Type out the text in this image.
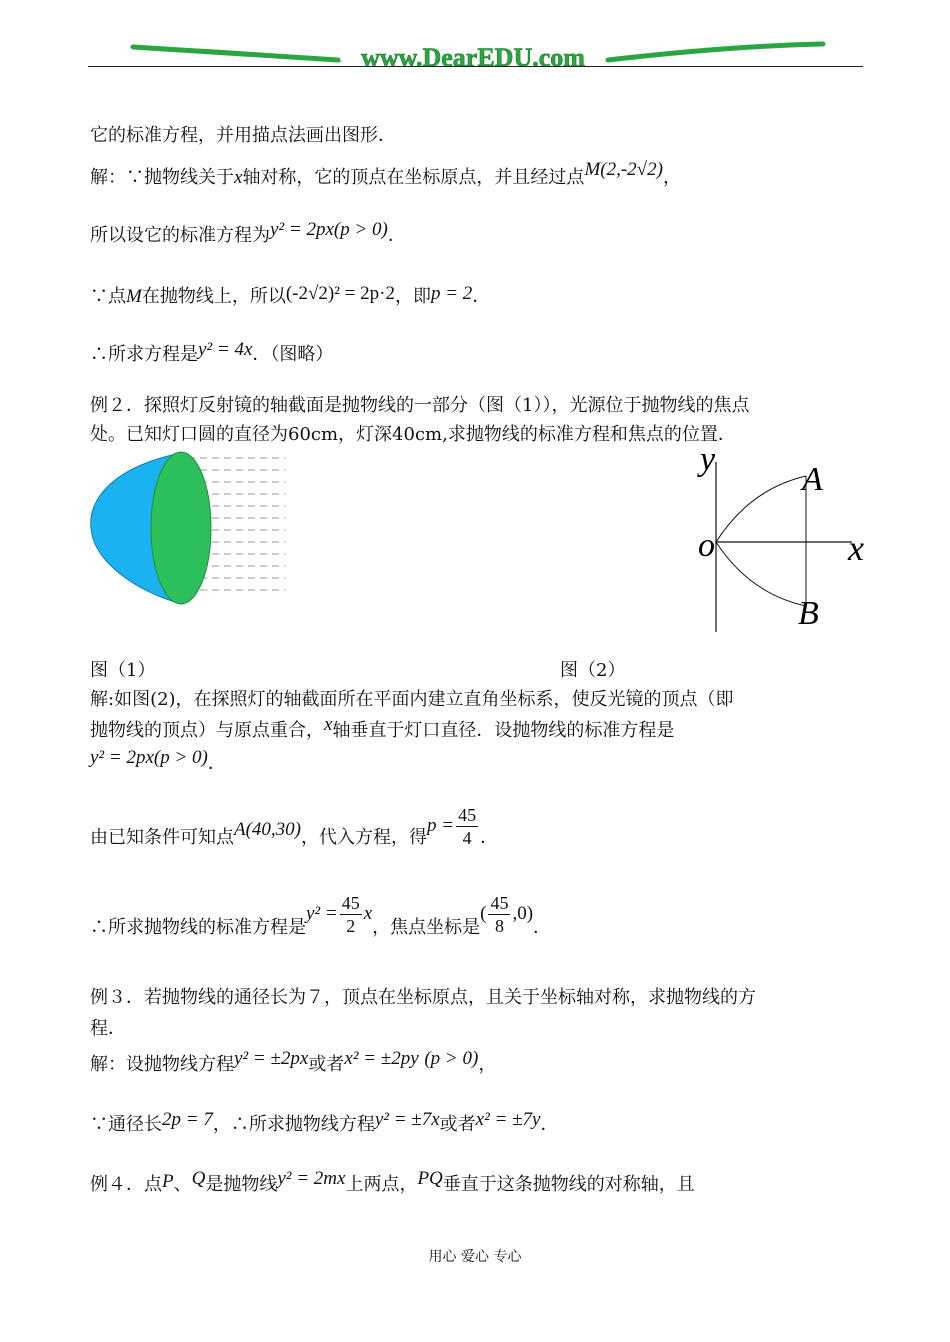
www.DearEDU.com
它的标准方程，并用描点法画出图形．
解：∵抛物线关于x轴对称，它的顶点在坐标原点，并且经过点M(2,-2√2)，
所以设它的标准方程为y² = 2px(p > 0)．
∵点M在抛物线上，所以(-2√2)² = 2p·2，即p = 2．
∴所求方程是y² = 4x．（图略）
例２．探照灯反射镜的轴截面是抛物线的一部分（图（1）），光源位于抛物线的焦点
处。已知灯口圆的直径为60cm，灯深40cm,求抛物线的标准方程和焦点的位置．
y
x
o
A
B
图（1）	图（2）
解:如图(2)，在探照灯的轴截面所在平面内建立直角坐标系，使反光镜的顶点（即
抛物线的顶点）与原点重合，x轴垂直于灯口直径．设抛物线的标准方程是
y² = 2px(p > 0)．
由已知条件可知点A(40,30)，代入方程，得$p = \frac{45}{4}$ ．
∴所求抛物线的标准方程是$y^2 = \frac{45}{2}$ x，焦点坐标是( $\frac{45}{8} ,0$)．
例３．若抛物线的通径长为７，顶点在坐标原点，且关于坐标轴对称，求抛物线的方
程．
解：设抛物线方程y² = ±2px或者x² = ±2py (p > 0)，
∵通径长2p = 7，∴所求抛物线方程y² = ±7x或者x² = ±7y．
例４．点P、Q是抛物线y² = 2mx上两点，PQ垂直于这条抛物线的对称轴，且
用心 爱心 专心
